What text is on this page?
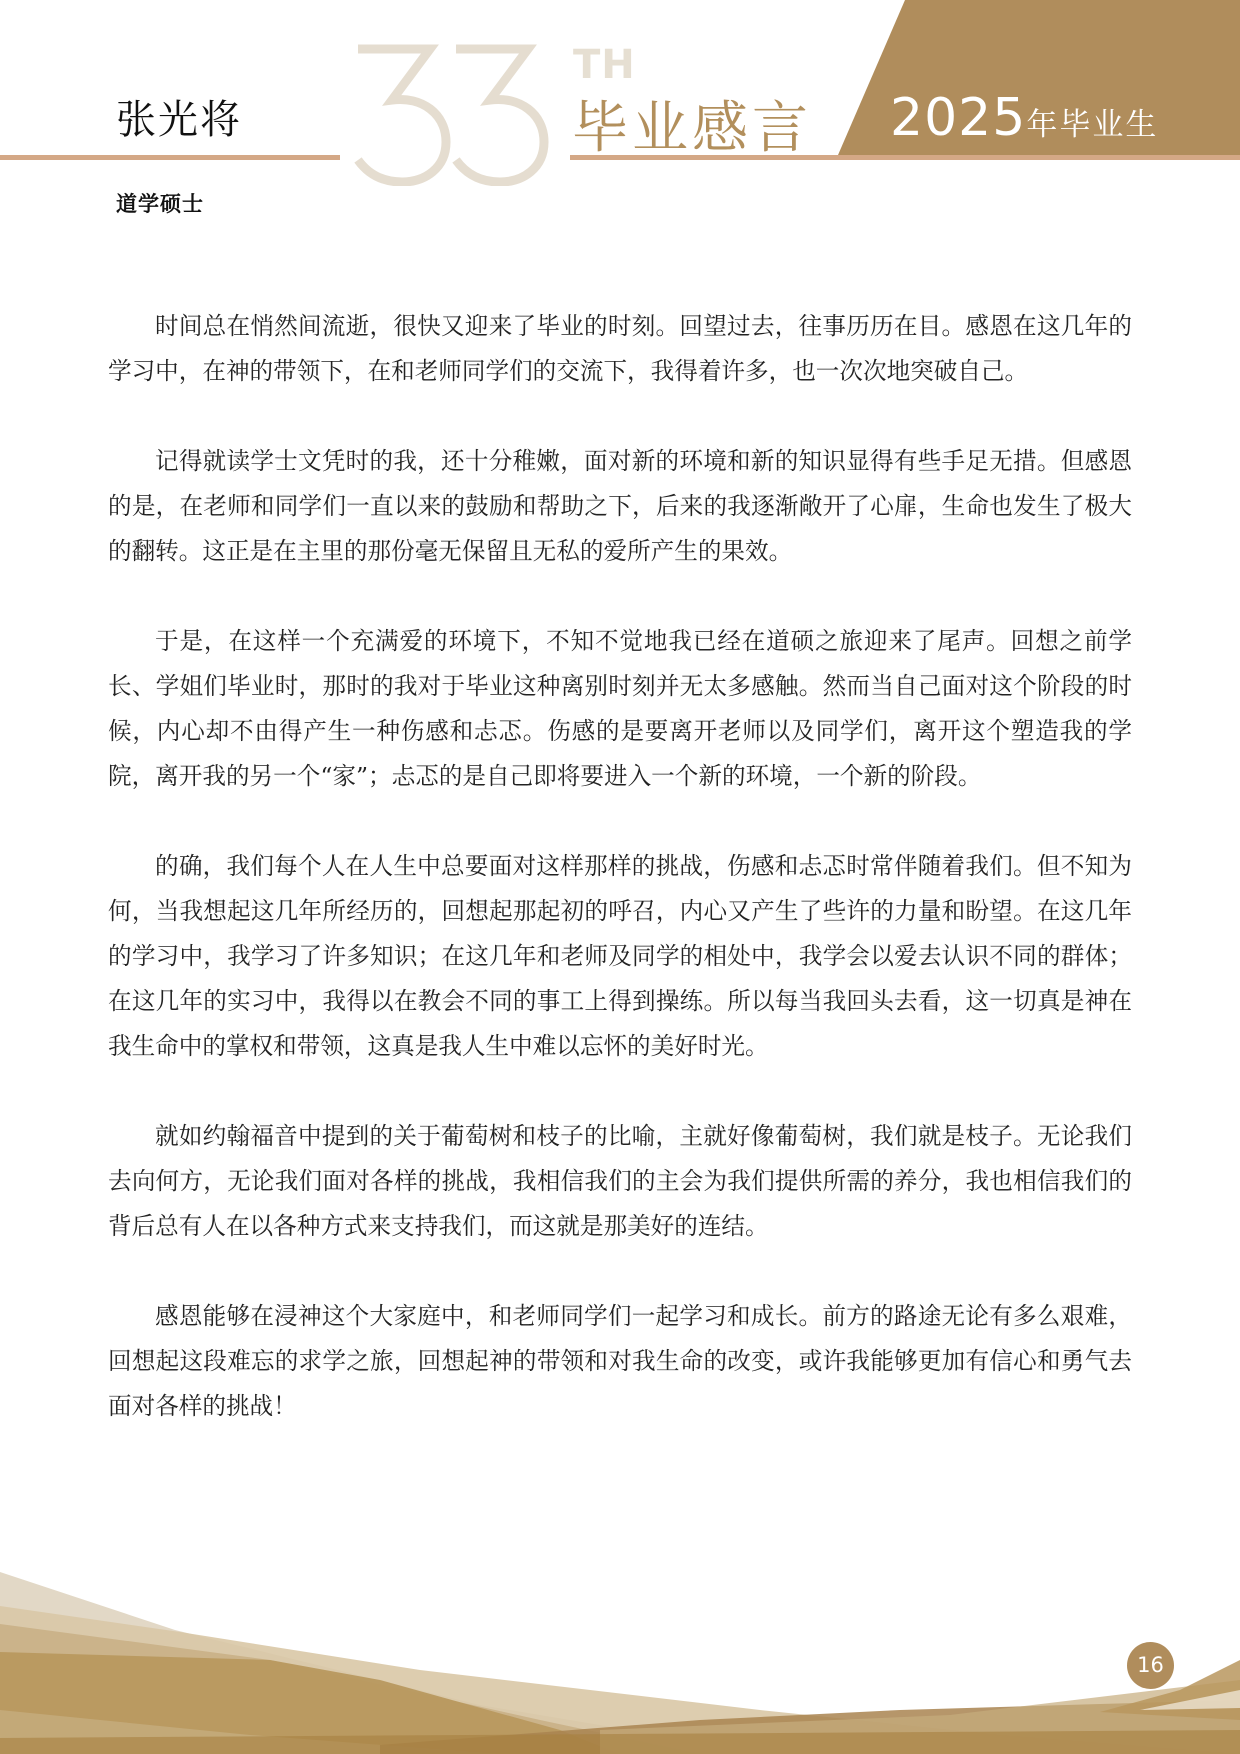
张光将
道学硕士
TH
毕业感言 2025年毕业生

时间总在悄然间流逝，很快又迎来了毕业的时刻。回望过去，往事历历在目。感恩在这几年的学习中，在神的带领下，在和老师同学们的交流下，我得着许多，也一次次地突破自己。

记得就读学士文凭时的我，还十分稚嫩，面对新的环境和新的知识显得有些手足无措。但感恩的是，在老师和同学们一直以来的鼓励和帮助之下，后来的我逐渐敞开了心扉，生命也发生了极大的翻转。这正是在主里的那份毫无保留且无私的爱所产生的果效。

于是，在这样一个充满爱的环境下，不知不觉地我已经在道硕之旅迎来了尾声。回想之前学长、学姐们毕业时，那时的我对于毕业这种离别时刻并无太多感触。然而当自己面对这个阶段的时候，内心却不由得产生一种伤感和忐忑。伤感的是要离开老师以及同学们，离开这个塑造我的学院，离开我的另一个“家”；忐忑的是自己即将要进入一个新的环境，一个新的阶段。

的确，我们每个人在人生中总要面对这样那样的挑战，伤感和忐忑时常伴随着我们。但不知为何，当我想起这几年所经历的，回想起那起初的呼召，内心又产生了些许的力量和盼望。在这几年的学习中，我学习了许多知识；在这几年和老师及同学的相处中，我学会以爱去认识不同的群体；在这几年的实习中，我得以在教会不同的事工上得到操练。所以每当我回头去看，这一切真是神在我生命中的掌权和带领，这真是我人生中难以忘怀的美好时光。

就如约翰福音中提到的关于葡萄树和枝子的比喻，主就好像葡萄树，我们就是枝子。无论我们去向何方，无论我们面对各样的挑战，我相信我们的主会为我们提供所需的养分，我也相信我们的背后总有人在以各种方式来支持我们，而这就是那美好的连结。

感恩能够在浸神这个大家庭中，和老师同学们一起学习和成长。前方的路途无论有多么艰难，回想起这段难忘的求学之旅，回想起神的带领和对我生命的改变，或许我能够更加有信心和勇气去面对各样的挑战！

16
